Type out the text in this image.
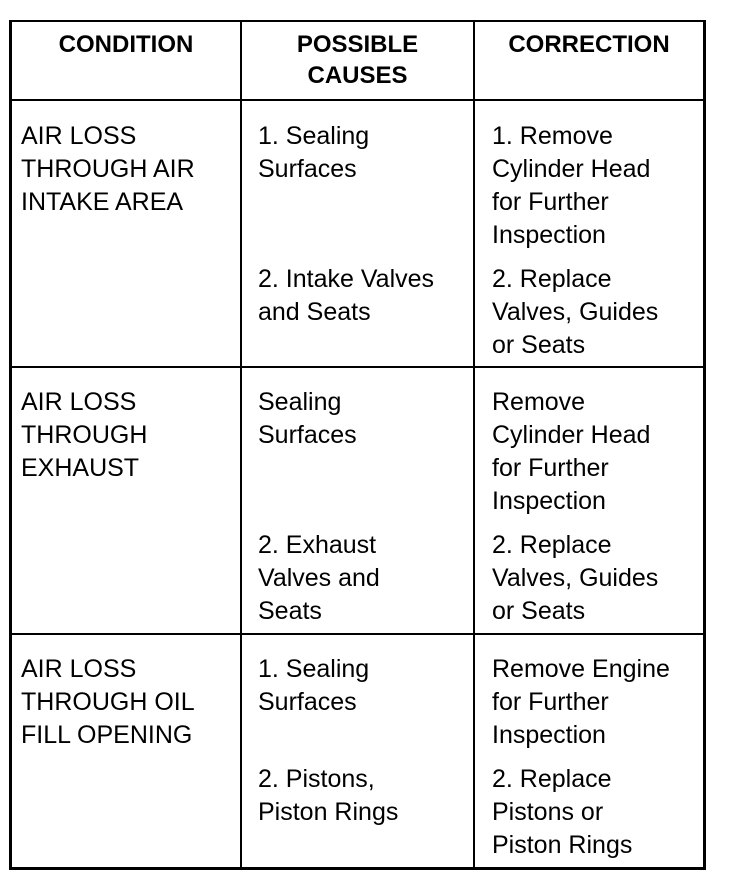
CONDITION	POSSIBLE
CAUSES
CORRECTION
AIR LOSS
THROUGH AIR
INTAKE AREA
1. Sealing
Surfaces
2. Intake Valves
and Seats
1. Remove
Cylinder Head
for Further
Inspection
2. Replace
Valves, Guides
or Seats
AIR LOSS
THROUGH
EXHAUST
Sealing
Surfaces
2. Exhaust
Valves and
Seats
Remove
Cylinder Head
for Further
Inspection
2. Replace
Valves, Guides
or Seats
AIR LOSS
THROUGH OIL
FILL OPENING
1. Sealing
Surfaces
2. Pistons,
Piston Rings
Remove Engine
for Further
Inspection
2. Replace
Pistons or
Piston Rings
